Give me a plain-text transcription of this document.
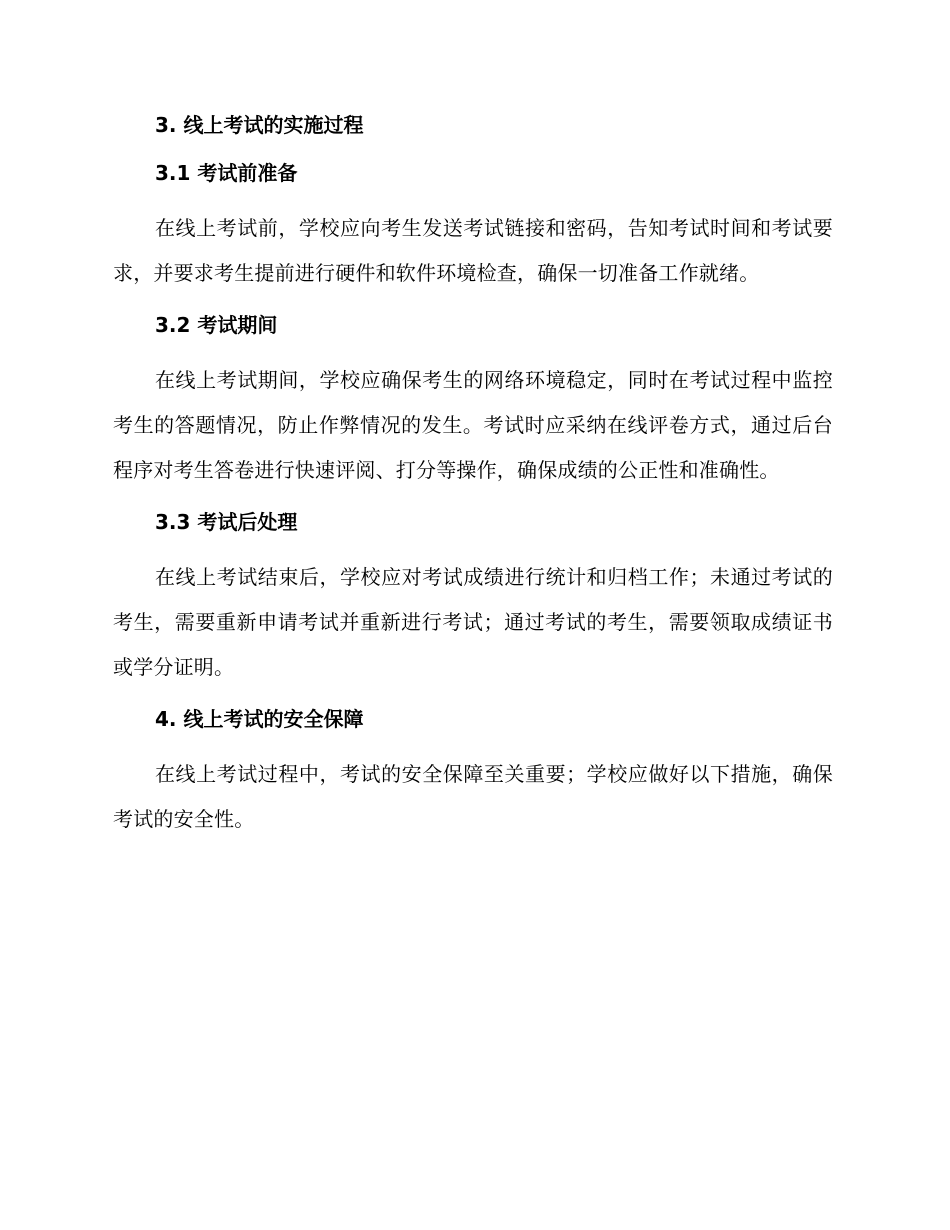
3. 线上考试的实施过程
3.1 考试前准备

在线上考试前，学校应向考生发送考试链接和密码，告知考试时间和考试要求，并要求考生提前进行硬件和软件环境检查，确保一切准备工作就绪。

3.2 考试期间

在线上考试期间，学校应确保考生的网络环境稳定，同时在考试过程中监控考生的答题情况，防止作弊情况的发生。考试时应采纳在线评卷方式，通过后台程序对考生答卷进行快速评阅、打分等操作，确保成绩的公正性和准确性。

3.3 考试后处理

在线上考试结束后，学校应对考试成绩进行统计和归档工作；未通过考试的考生，需要重新申请考试并重新进行考试；通过考试的考生，需要领取成绩证书或学分证明。

4. 线上考试的安全保障

在线上考试过程中，考试的安全保障至关重要；学校应做好以下措施，确保考试的安全性。
